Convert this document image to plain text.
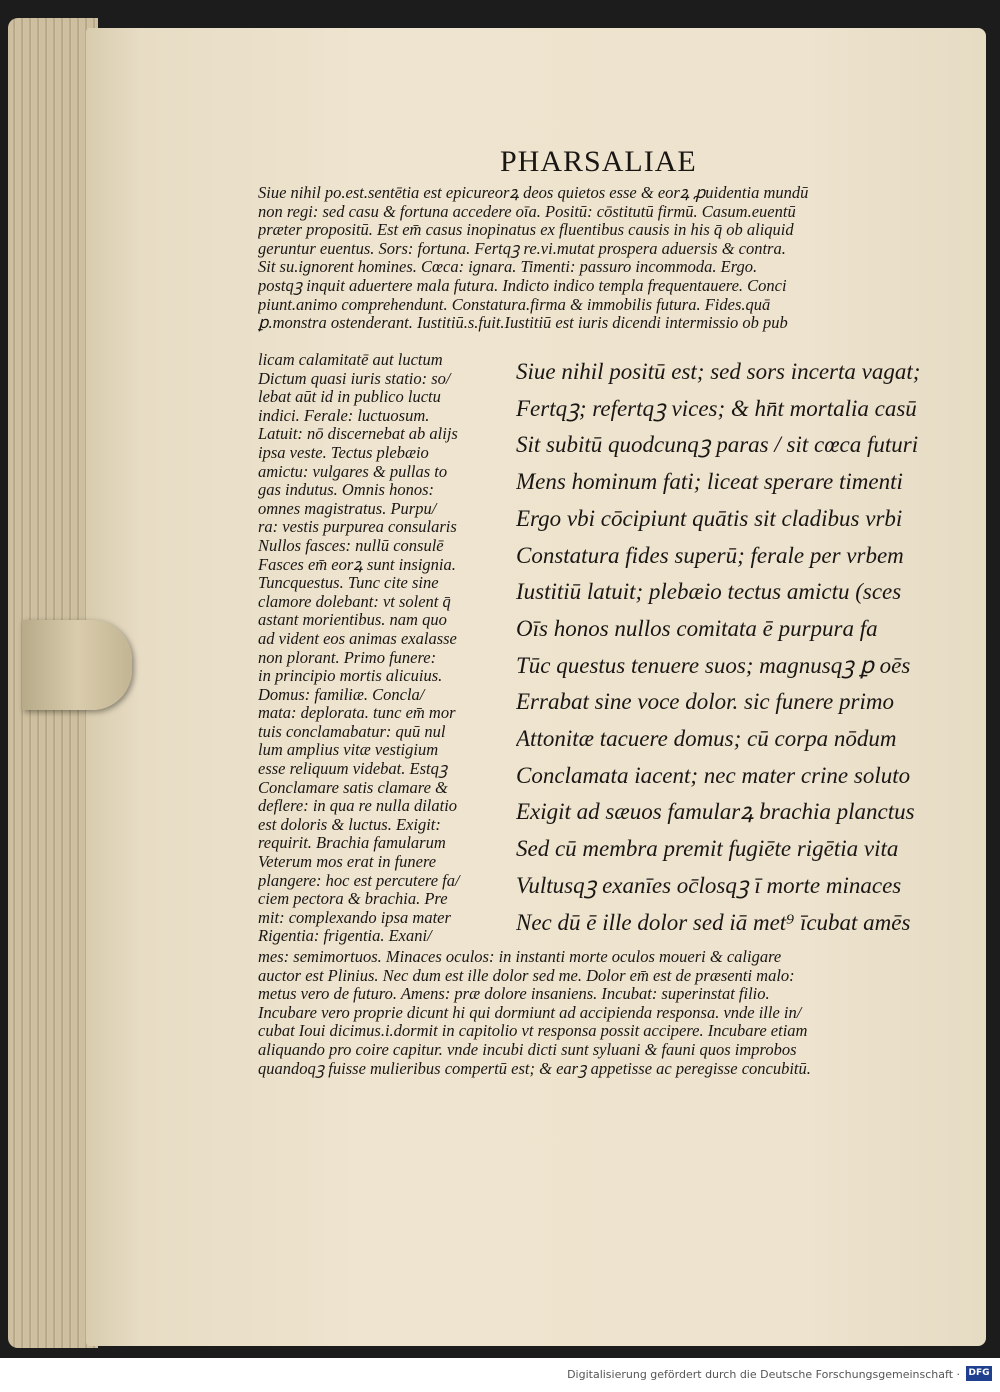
PHARSALIAE
Siue nihil po.est.sentētia est epicureorꝝ deos quietos esse & eorꝝ ꝓuidentia mundū
non regi: sed casu & fortuna accedere oīa. Positū: cōstitutū firmū. Casum.euentū
præter propositū. Est em̄ casus inopinatus ex fluentibus causis in his q̄ ob aliquid
geruntur euentus. Sors: fortuna. Fertqꝫ re.vi.mutat prospera aduersis & contra.
Sit su.ignorent homines. Cœca: ignara. Timenti: passuro incommoda. Ergo.
postqꝫ inquit aduertere mala futura. Indicto indico templa frequentauere. Conci
piunt.animo comprehendunt. Constatura.firma & immobilis futura. Fides.quā
ꝑ.monstra ostenderant. Iustitiū.s.fuit.Iustitiū est iuris dicendi intermissio ob pub
licam calamitatē aut luctum
Dictum quasi iuris statio: so/
lebat aūt id in publico luctu
indici. Ferale: luctuosum.
Latuit: nō discernebat ab alijs
ipsa veste. Tectus plebæio
amictu: vulgares & pullas to
gas indutus. Omnis honos:
omnes magistratus. Purpu/
ra: vestis purpurea consularis
Nullos fasces: nullū consulē
Fasces em̄ eorꝝ sunt insignia.
Tuncquestus. Tunc cite sine
clamore dolebant: vt solent q̄
astant morientibus. nam quo
ad vident eos animas exalasse
non plorant. Primo funere:
in principio mortis alicuius.
Domus: familiæ. Concla/
mata: deplorata. tunc em̄ mor
tuis conclamabatur: quū nul
lum amplius vitæ vestigium
esse reliquum videbat. Estqꝫ
Conclamare satis clamare &
deflere: in qua re nulla dilatio
est doloris & luctus. Exigit:
requirit. Brachia famularum
Veterum mos erat in funere
plangere: hoc est percutere fa/
ciem pectora & brachia. Pre
mit: complexando ipsa mater
Rigentia: frigentia. Exani/
Siue nihil positū est; sed sors incerta vagat;
Fertqꝫ; refertqꝫ vices; & hn̄t mortalia casū
Sit subitū quodcunqꝫ paras / sit cœca futuri
Mens hominum fati; liceat sperare timenti
Ergo vbi cōcipiunt quātis sit cladibus vrbi
Constatura fides superū; ferale per vrbem
Iustitiū latuit; plebæio tectus amictu (sces
Oīs honos nullos comitata ē purpura fa
Tūc questus tenuere suos; magnusqꝫ ꝑ oēs
Errabat sine voce dolor. sic funere primo
Attonitæ tacuere domus; cū corpa nōdum
Conclamata iacent; nec mater crine soluto
Exigit ad sæuos famularꝝ brachia planctus
Sed cū membra premit fugiēte rigētia vita
Vultusqꝫ exanīes oc̄losqꝫ ī morte minaces
Nec dū ē ille dolor sed iā met⁹ īcubat amēs
mes: semimortuos. Minaces oculos: in instanti morte oculos moueri & caligare
auctor est Plinius. Nec dum est ille dolor sed me. Dolor em̄ est de præsenti malo:
metus vero de futuro. Amens: præ dolore insaniens. Incubat: superinstat filio.
Incubare vero proprie dicunt hi qui dormiunt ad accipienda responsa. vnde ille in/
cubat Ioui dicimus.i.dormit in capitolio vt responsa possit accipere. Incubare etiam
aliquando pro coire capitur. vnde incubi dicti sunt syluani & fauni quos improbos
quandoqꝫ fuisse mulieribus compertū est; & earꝫ appetisse ac peregisse concubitū.
Digitalisierung gefördert durch die Deutsche Forschungsgemeinschaft · DFG
